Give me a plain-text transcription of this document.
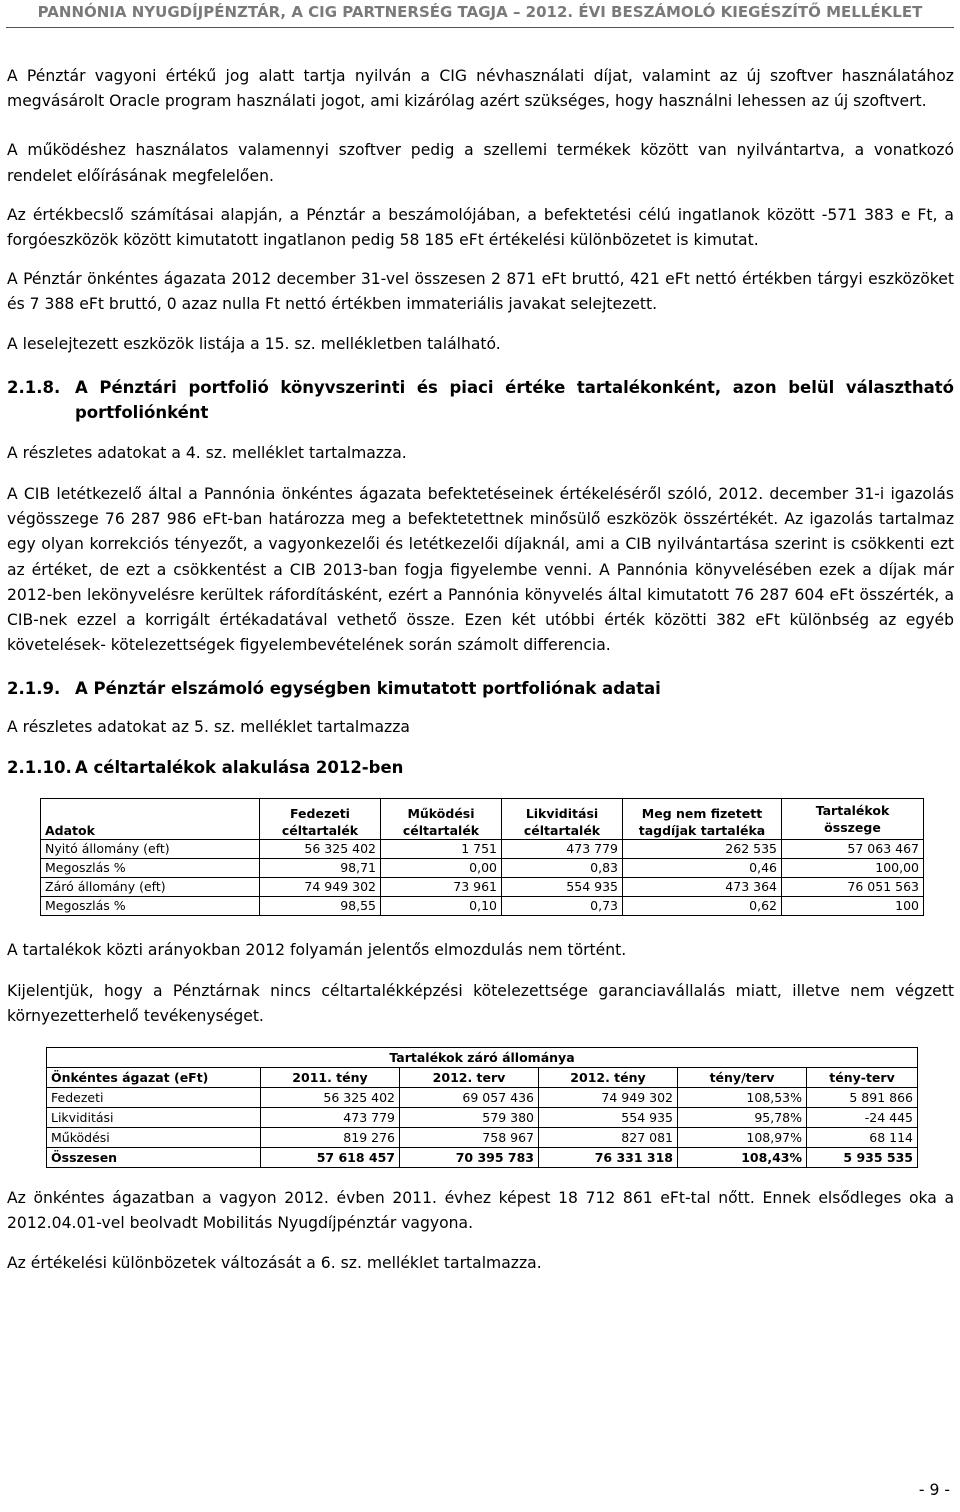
PANNÓNIA NYUGDÍJPÉNZTÁR, A CIG PARTNERSÉG TAGJA – 2012. ÉVI BESZÁMOLÓ KIEGÉSZÍTŐ MELLÉKLET

A Pénztár vagyoni értékű jog alatt tartja nyilván a CIG névhasználati díjat, valamint az új szoftver használatához megvásárolt Oracle program használati jogot, ami kizárólag azért szükséges, hogy használni lehessen az új szoftvert.

A működéshez használatos valamennyi szoftver pedig a szellemi termékek között van nyilvántartva, a vonatkozó rendelet előírásának megfelelően.

Az értékbecslő számításai alapján, a Pénztár a beszámolójában, a befektetési célú ingatlanok között -571 383 e Ft, a forgóeszközök között kimutatott ingatlanon pedig 58 185 eFt értékelési különbözetet is kimutat.

A Pénztár önkéntes ágazata 2012 december 31-vel összesen 2 871 eFt bruttó, 421 eFt nettó értékben tárgyi eszközöket és 7 388 eFt bruttó, 0 azaz nulla Ft nettó értékben immateriális javakat selejtezett.

A leselejtezett eszközök listája a 15. sz. mellékletben található.

2.1.8. A Pénztári portfolió könyvszerinti és piaci értéke tartalékonként, azon belül választható portfoliónként

A részletes adatokat a 4. sz. melléklet tartalmazza.

A CIB letétkezelő által a Pannónia önkéntes ágazata befektetéseinek értékeléséről szóló, 2012. december 31-i igazolás végösszege 76 287 986 eFt-ban határozza meg a befektetettnek minősülő eszközök összértékét. Az igazolás tartalmaz egy olyan korrekciós tényezőt, a vagyonkezelői és letétkezelői díjaknál, ami a CIB nyilvántartása szerint is csökkenti ezt az értéket, de ezt a csökkentést a CIB 2013-ban fogja figyelembe venni. A Pannónia könyvelésében ezek a díjak már 2012-ben lekönyvelésre kerültek ráfordításként, ezért a Pannónia könyvelés által kimutatott 76 287 604 eFt összérték, a CIB-nek ezzel a korrigált értékadatával vethető össze. Ezen két utóbbi érték közötti 382 eFt különbség az egyéb követelések- kötelezettségek figyelembevételének során számolt differencia.

2.1.9. A Pénztár elszámoló egységben kimutatott portfoliónak adatai

A részletes adatokat az 5. sz. melléklet tartalmazza

2.1.10. A céltartalékok alakulása 2012-ben
Adatok	Fedezeti céltartalék	Működési céltartalék	Likviditási céltartalék	Meg nem fizetett tagdíjak tartaléka	Tartalékok összege
Nyitó állomány (eft)	56 325 402	1 751	473 779	262 535	57 063 467
Megoszlás %	98,71	0,00	0,83	0,46	100,00
Záró állomány (eft)	74 949 302	73 961	554 935	473 364	76 051 563
Megoszlás %	98,55	0,10	0,73	0,62	100

A tartalékok közti arányokban 2012 folyamán jelentős elmozdulás nem történt.

Kijelentjük, hogy a Pénztárnak nincs céltartalékképzési kötelezettsége garanciavállalás miatt, illetve nem végzett környezetterhelő tevékenységet.

Tartalékok záró állomány​a					
Önkéntes ágazat (eFt)	2011. tény	2012. terv	2012. tény	tény/terv	tény-terv
Fedezeti	56 325 402	69 057 436	74 949 302	108,53%	5 891 866
Likviditási	473 779	579 380	554 935	95,78%	-24 445
Működési	819 276	758 967	827 081	108,97%	68 114
Összesen	57 618 457	70 395 783	76 331 318	108,43%	5 935 535

Az önkéntes ágazatban a vagyon 2012. évben 2011. évhez képest 18 712 861 eFt-tal nőtt. Ennek elsődleges oka a 2012.04.01-vel beolvadt Mobilitás Nyugdíjpénztár vagyona.

Az értékelési különbözetek változását a 6. sz. melléklet tartalmazza.

- 9 -
